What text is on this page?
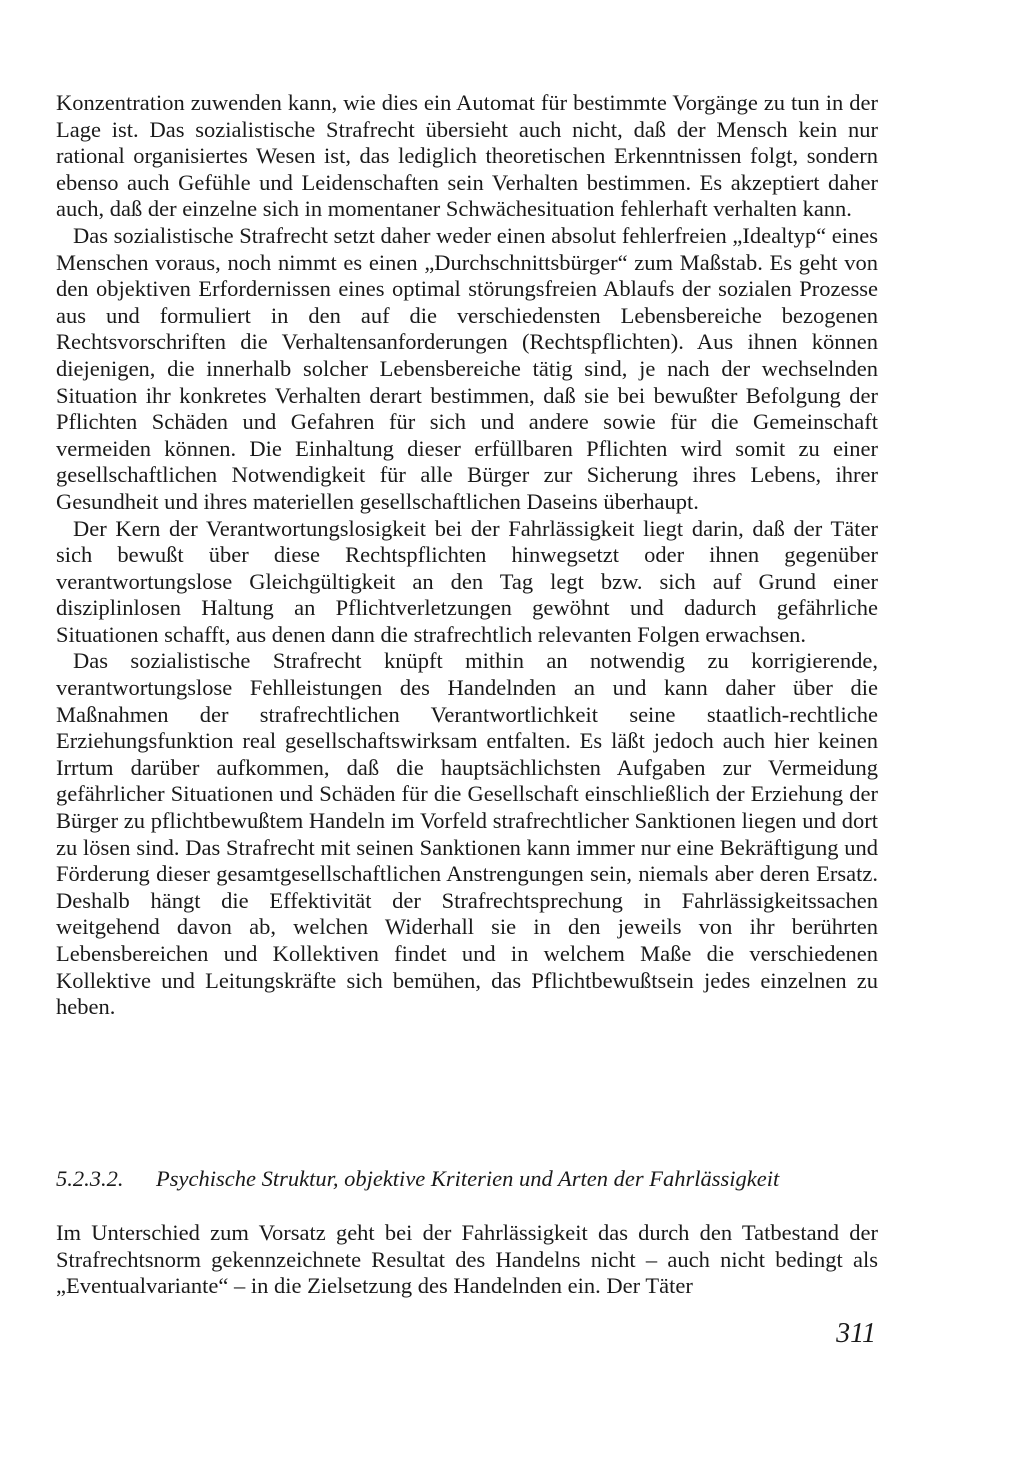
Konzentration zuwenden kann, wie dies ein Automat für bestimmte Vorgänge zu tun in der Lage ist. Das sozialistische Strafrecht übersieht auch nicht, daß der Mensch kein nur rational organisiertes Wesen ist, das lediglich theoretischen Erkenntnissen folgt, sondern ebenso auch Gefühle und Leidenschaften sein Verhalten bestimmen. Es akzeptiert daher auch, daß der einzelne sich in momentaner Schwächesituation fehlerhaft verhalten kann.

Das sozialistische Strafrecht setzt daher weder einen absolut fehlerfreien „Idealtyp“ eines Menschen voraus, noch nimmt es einen „Durchschnittsbürger“ zum Maßstab. Es geht von den objektiven Erfordernissen eines optimal störungsfreien Ablaufs der sozialen Prozesse aus und formuliert in den auf die verschiedensten Lebensbereiche bezogenen Rechtsvorschriften die Verhaltensanforderungen (Rechtspflichten). Aus ihnen können diejenigen, die innerhalb solcher Lebensbereiche tätig sind, je nach der wechselnden Situation ihr konkretes Verhalten derart bestimmen, daß sie bei bewußter Befolgung der Pflichten Schäden und Gefahren für sich und andere sowie für die Gemeinschaft vermeiden können. Die Einhaltung dieser erfüllbaren Pflichten wird somit zu einer gesellschaftlichen Notwendigkeit für alle Bürger zur Sicherung ihres Lebens, ihrer Gesundheit und ihres materiellen gesellschaftlichen Daseins überhaupt.

Der Kern der Verantwortungslosigkeit bei der Fahrlässigkeit liegt darin, daß der Täter sich bewußt über diese Rechtspflichten hinwegsetzt oder ihnen gegenüber verantwortungslose Gleichgültigkeit an den Tag legt bzw. sich auf Grund einer disziplinlosen Haltung an Pflichtverletzungen gewöhnt und dadurch gefährliche Situationen schafft, aus denen dann die strafrechtlich relevanten Folgen erwachsen.

Das sozialistische Strafrecht knüpft mithin an notwendig zu korrigierende, verantwortungslose Fehlleistungen des Handelnden an und kann daher über die Maßnahmen der strafrechtlichen Verantwortlichkeit seine staatlich-rechtliche Erziehungsfunktion real gesellschaftswirksam entfalten. Es läßt jedoch auch hier keinen Irrtum darüber aufkommen, daß die hauptsächlichsten Aufgaben zur Vermeidung gefährlicher Situationen und Schäden für die Gesellschaft einschließlich der Erziehung der Bürger zu pflichtbewußtem Handeln im Vorfeld strafrechtlicher Sanktionen liegen und dort zu lösen sind. Das Strafrecht mit seinen Sanktionen kann immer nur eine Bekräftigung und Förderung dieser gesamtgesellschaftlichen Anstrengungen sein, niemals aber deren Ersatz. Deshalb hängt die Effektivität der Strafrechtsprechung in Fahrlässigkeitssachen weitgehend davon ab, welchen Widerhall sie in den jeweils von ihr berührten Lebensbereichen und Kollektiven findet und in welchem Maße die verschiedenen Kollektive und Leitungskräfte sich bemühen, das Pflichtbewußtsein jedes einzelnen zu heben.

5.2.3.2.	Psychische Struktur, objektive Kriterien und Arten der Fahrlässigkeit

Im Unterschied zum Vorsatz geht bei der Fahrlässigkeit das durch den Tatbestand der Strafrechtsnorm gekennzeichnete Resultat des Handelns nicht – auch nicht bedingt als „Eventualvariante“ – in die Zielsetzung des Handelnden ein. Der Täter

311
